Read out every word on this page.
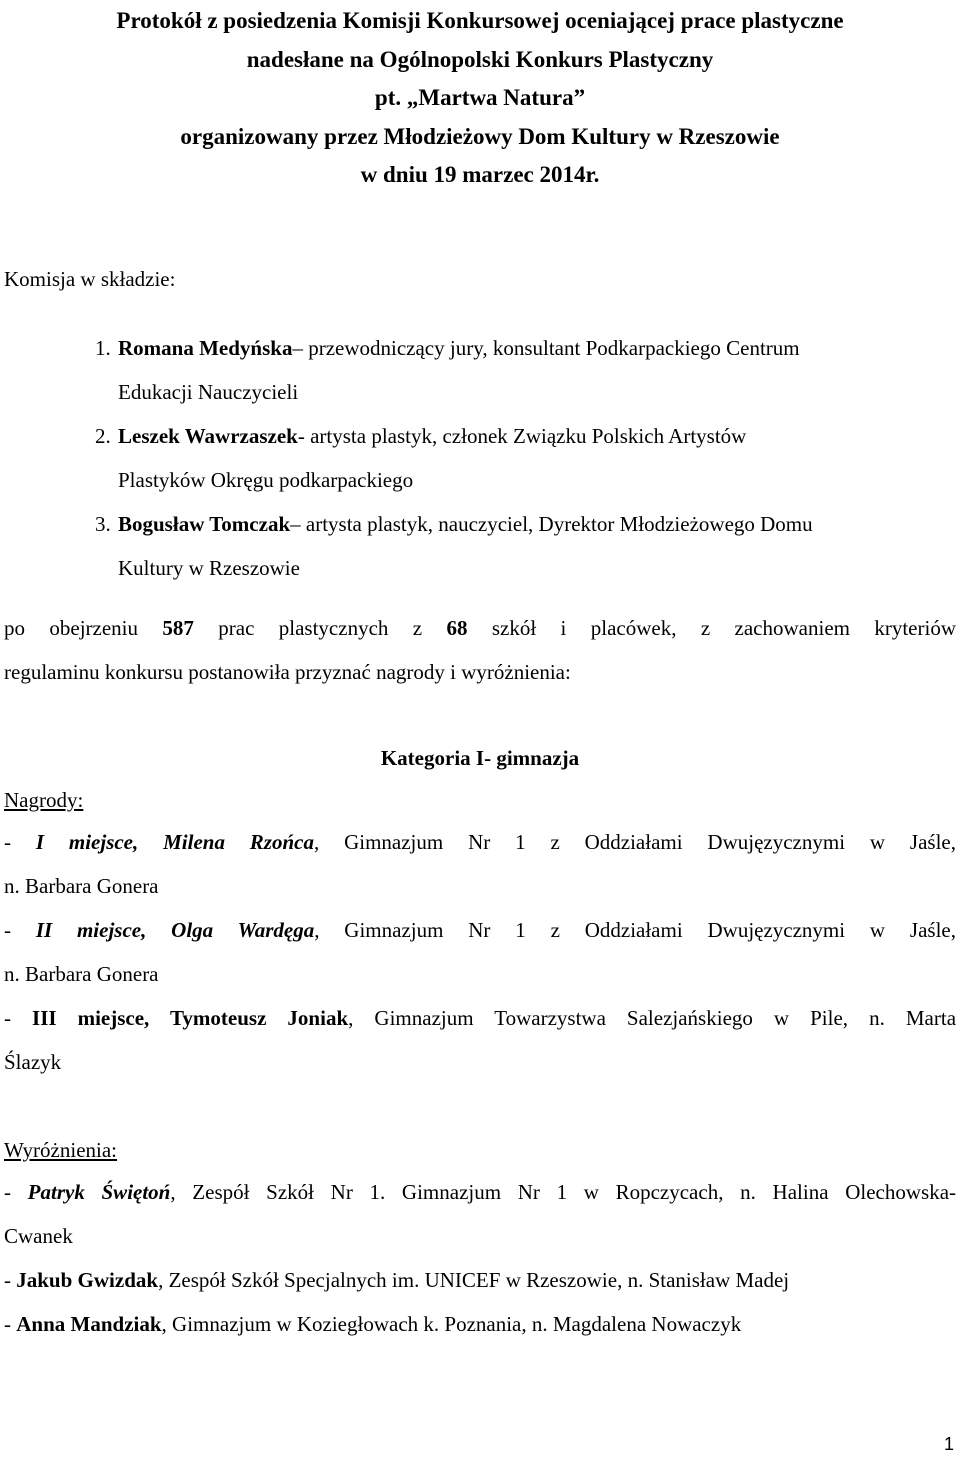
Protokół z posiedzenia Komisji Konkursowej oceniającej prace plastyczne
nadesłane na Ogólnopolski Konkurs Plastyczny
pt. „Martwa Natura”
organizowany przez Młodzieżowy Dom Kultury w Rzeszowie
w dniu 19 marzec 2014r.
Komisja w składzie:
1. Romana Medyńska– przewodniczący jury, konsultant Podkarpackiego Centrum
Edukacji Nauczycieli
2. Leszek Wawrzaszek- artysta plastyk, członek Związku Polskich Artystów
Plastyków Okręgu podkarpackiego
3. Bogusław Tomczak– artysta plastyk, nauczyciel, Dyrektor Młodzieżowego Domu
Kultury w Rzeszowie
po obejrzeniu 587 prac plastycznych z 68 szkół i placówek, z zachowaniem kryteriów
regulaminu konkursu postanowiła przyznać nagrody i wyróżnienia:
Kategoria I- gimnazja
Nagrody:
- I miejsce, Milena Rzońca, Gimnazjum Nr 1 z Oddziałami Dwujęzycznymi w Jaśle,
n. Barbara Gonera
- II miejsce, Olga Wardęga, Gimnazjum Nr 1 z Oddziałami Dwujęzycznymi w Jaśle,
n. Barbara Gonera
- III miejsce, Tymoteusz Joniak, Gimnazjum Towarzystwa Salezjańskiego w Pile, n. Marta
Ślazyk
Wyróżnienia:
- Patryk Świętoń, Zespół Szkół Nr 1. Gimnazjum Nr 1 w Ropczycach, n. Halina Olechowska-
Cwanek
- Jakub Gwizdak, Zespół Szkół Specjalnych im. UNICEF w Rzeszowie, n. Stanisław Madej
- Anna Mandziak, Gimnazjum w Koziegłowach k. Poznania, n. Magdalena Nowaczyk
1
